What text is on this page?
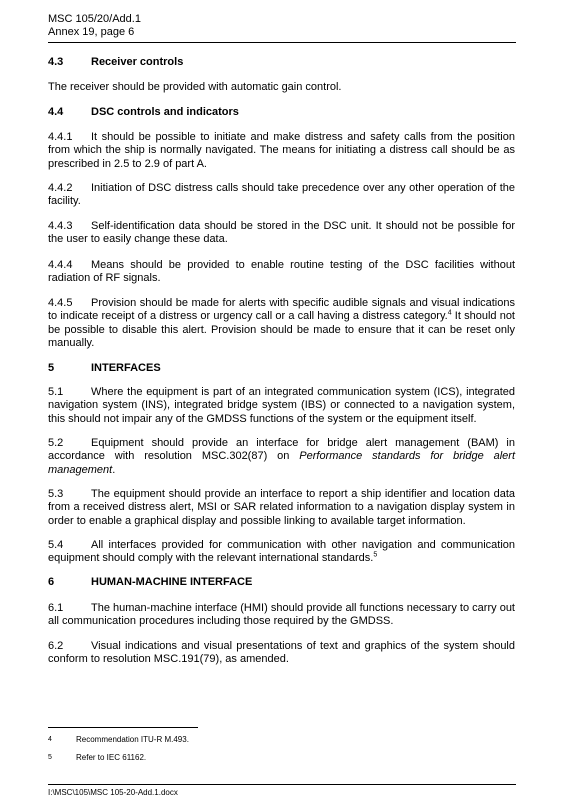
MSC 105/20/Add.1
Annex 19, page 6
4.3	Receiver controls
The receiver should be provided with automatic gain control.
4.4	DSC controls and indicators
4.4.1 It should be possible to initiate and make distress and safety calls from the position from which the ship is normally navigated. The means for initiating a distress call should be as prescribed in 2.5 to 2.9 of part A.
4.4.2 Initiation of DSC distress calls should take precedence over any other operation of the facility.
4.4.3 Self-identification data should be stored in the DSC unit. It should not be possible for the user to easily change these data.
4.4.4 Means should be provided to enable routine testing of the DSC facilities without radiation of RF signals.
4.4.5 Provision should be made for alerts with specific audible signals and visual indications to indicate receipt of a distress or urgency call or a call having a distress category.$^4$ It should not be possible to disable this alert. Provision should be made to ensure that it can be reset only manually.
5	INTERFACES
5.1	Where the equipment is part of an integrated communication system (ICS), integrated navigation system (INS), integrated bridge system (IBS) or connected to a navigation system, this should not impair any of the GMDSS functions of the system or the equipment itself.
5.2	Equipment should provide an interface for bridge alert management (BAM) in accordance with resolution MSC.302(87) on Performance standards for bridge alert management.
5.3	The equipment should provide an interface to report a ship identifier and location data from a received distress alert, MSI or SAR related information to a navigation display system in order to enable a graphical display and possible linking to available target information.
5.4	All interfaces provided for communication with other navigation and communication equipment should comply with the relevant international standards.$^5$
6	HUMAN-MACHINE INTERFACE
6.1	The human-machine interface (HMI) should provide all functions necessary to carry out all communication procedures including those required by the GMDSS.
6.2	Visual indications and visual presentations of text and graphics of the system should conform to resolution MSC.191(79), as amended.
4	Recommendation ITU-R M.493.
5	Refer to IEC 61162.
I:\MSC\105\MSC 105-20-Add.1.docx
